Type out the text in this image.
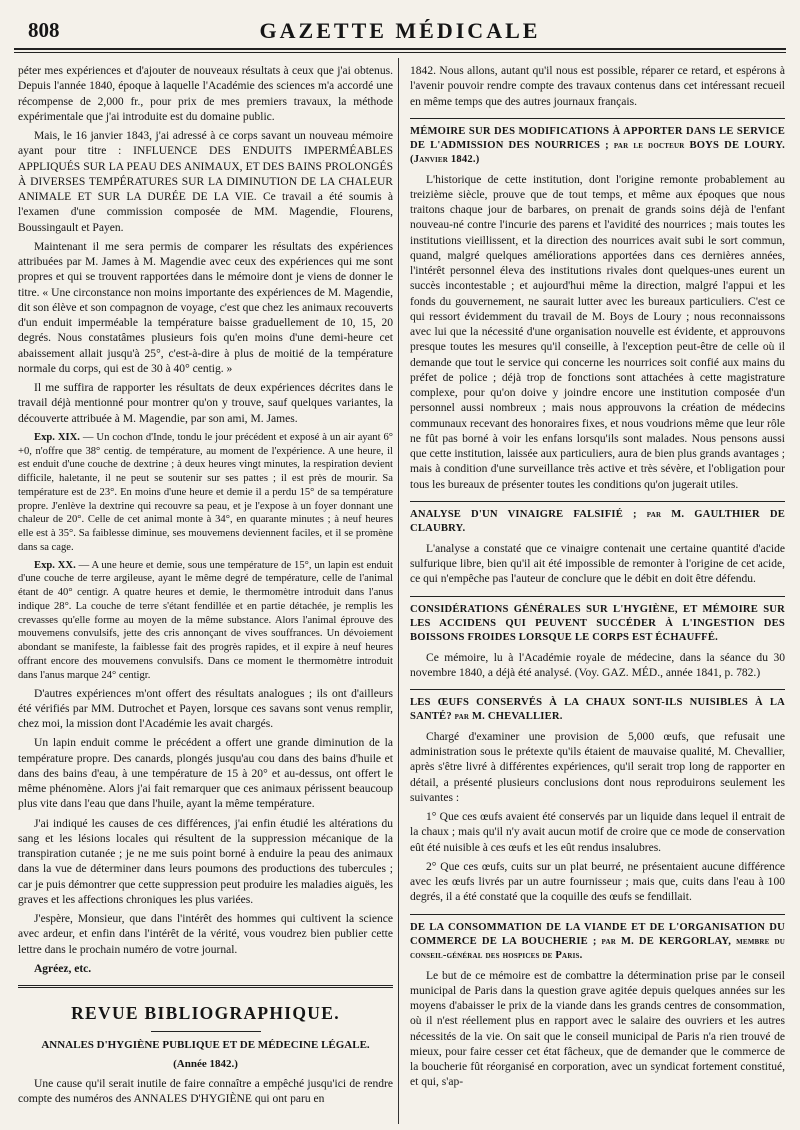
808	GAZETTE MÉDICALE

péter mes expériences et d'ajouter de nouveaux résultats à ceux que j'ai obtenus. Depuis l'année 1840, époque à laquelle l'Académie des sciences m'a accordé une récompense de 2,000 fr., pour prix de mes premiers travaux, la méthode expérimentale que j'ai introduite est du domaine public.

Mais, le 16 janvier 1843, j'ai adressé à ce corps savant un nouveau mémoire ayant pour titre : INFLUENCE DES ENDUITS IMPERMÉABLES APPLIQUÉS SUR LA PEAU DES ANIMAUX, ET DES BAINS PROLONGÉS À DIVERSES TEMPÉRATURES SUR LA DIMINUTION DE LA CHALEUR ANIMALE ET SUR LA DURÉE DE LA VIE. Ce travail a été soumis à l'examen d'une commission composée de MM. Magendie, Flourens, Boussingault et Payen.

Maintenant il me sera permis de comparer les résultats des expériences attribuées par M. James à M. Magendie avec ceux des expériences qui me sont propres et qui se trouvent rapportées dans le mémoire dont je viens de donner le titre. « Une circonstance non moins importante des expériences de M. Magendie, dit son élève et son compagnon de voyage, c'est que chez les animaux recouverts d'un enduit imperméable la température baisse graduellement de 10, 15, 20 degrés. Nous constatâmes plusieurs fois qu'en moins d'une demi-heure cet abaissement allait jusqu'à 25°, c'est-à-dire à plus de moitié de la température normale du corps, qui est de 30 à 40° centig. »

Il me suffira de rapporter les résultats de deux expériences décrites dans le travail déjà mentionné pour montrer qu'on y trouve, sauf quelques variantes, la découverte attribuée à M. Magendie, par son ami, M. James.

Exp. XIX. — Un cochon d'Inde, tondu le jour précédent et exposé à un air ayant 6°+0, n'offre que 38° centig. de température, au moment de l'expérience. A une heure, il est enduit d'une couche de dextrine ; à deux heures vingt minutes, la respiration devient difficile, haletante, il ne peut se soutenir sur ses pattes ; il est près de mourir. Sa température est de 23°. En moins d'une heure et demie il a perdu 15° de sa température propre. J'enlève la dextrine qui recouvre sa peau, et je l'expose à un foyer donnant une chaleur de 20°. Celle de cet animal monte à 34°, en quarante minutes ; à neuf heures elle est à 35°. Sa faiblesse diminue, ses mouvemens deviennent faciles, et il se promène dans sa cage.

Exp. XX. — A une heure et demie, sous une température de 15°, un lapin est enduit d'une couche de terre argileuse, ayant le même degré de température, celle de l'animal étant de 40° centigr. A quatre heures et demie, le thermomètre introduit dans l'anus indique 28°. La couche de terre s'étant fendillée et en partie détachée, je remplis les crevasses qu'elle forme au moyen de la même substance. Alors l'animal éprouve des mouvemens convulsifs, jette des cris annonçant de vives souffrances. Un dévoiement abondant se manifeste, la faiblesse fait des progrès rapides, et il expire à neuf heures offrant encore des mouvemens convulsifs. Dans ce moment le thermomètre introduit dans l'anus marque 24° centigr.

D'autres expériences m'ont offert des résultats analogues ; ils ont d'ailleurs été vérifiés par MM. Dutrochet et Payen, lorsque ces savans sont venus remplir, chez moi, la mission dont l'Académie les avait chargés.

Un lapin enduit comme le précédent a offert une grande diminution de la température propre. Des canards, plongés jusqu'au cou dans des bains d'huile et dans des bains d'eau, à une température de 15 à 20° et au-dessus, ont offert le même phénomène. Alors j'ai fait remarquer que ces animaux périssent beaucoup plus vite dans l'eau que dans l'huile, ayant la même température.

J'ai indiqué les causes de ces différences, j'ai enfin étudié les altérations du sang et les lésions locales qui résultent de la suppression mécanique de la transpiration cutanée ; je ne me suis point borné à enduire la peau des animaux dans la vue de déterminer dans leurs poumons des productions des tubercules ; car je puis démontrer que cette suppression peut produire les maladies aiguës, les graves et les affections chroniques les plus variées.

J'espère, Monsieur, que dans l'intérêt des hommes qui cultivent la science avec ardeur, et enfin dans l'intérêt de la vérité, vous voudrez bien publier cette lettre dans le prochain numéro de votre journal.

Agréez, etc.
REVUE BIBLIOGRAPHIQUE.
ANNALES D'HYGIÈNE PUBLIQUE ET DE MÉDECINE LÉGALE.
(Année 1842.)

Une cause qu'il serait inutile de faire connaître a empêché jusqu'ici de rendre compte des numéros des ANNALES D'HYGIÈNE qui ont paru en

1842. Nous allons, autant qu'il nous est possible, réparer ce retard, et espérons à l'avenir pouvoir rendre compte des travaux contenus dans cet intéressant recueil en même temps que des autres journaux français.

MÉMOIRE SUR DES MODIFICATIONS À APPORTER DANS LE SERVICE DE L'ADMISSION DES NOURRICES ; par le docteur BOYS DE LOURY. (Janvier 1842.)

L'historique de cette institution, dont l'origine remonte probablement au treizième siècle, prouve que de tout temps, et même aux époques que nous traitons chaque jour de barbares, on prenait de grands soins déjà de l'enfant nouveau-né contre l'incurie des parens et l'avidité des nourrices ; mais toutes les institutions vieillissent, et la direction des nourrices avait subi le sort commun, quand, malgré quelques améliorations apportées dans ces dernières années, l'intérêt personnel éleva des institutions rivales dont quelques-unes eurent un succès incontestable ; et aujourd'hui même la direction, malgré l'appui et les fonds du gouvernement, ne saurait lutter avec les bureaux particuliers. C'est ce qui ressort évidemment du travail de M. Boys de Loury ; nous reconnaissons avec lui que la nécessité d'une organisation nouvelle est évidente, et approuvons presque toutes les mesures qu'il conseille, à l'exception peut-être de celle où il demande que tout le service qui concerne les nourrices soit confié aux mains du préfet de police ; déjà trop de fonctions sont attachées à cette magistrature complexe, pour qu'on doive y joindre encore une institution composée d'un personnel aussi nombreux ; mais nous approuvons la création de médecins communaux recevant des honoraires fixes, et nous voudrions même que leur rôle ne fût pas borné à voir les enfans lorsqu'ils sont malades. Nous pensons aussi que cette institution, laissée aux particuliers, aura de bien plus grands avantages ; mais à condition d'une surveillance très active et très sévère, et l'obligation pour tous les bureaux de présenter toutes les conditions qu'on jugerait utiles.

ANALYSE D'UN VINAIGRE FALSIFIÉ ; par M. GAULTHIER DE CLAUBRY.

L'analyse a constaté que ce vinaigre contenait une certaine quantité d'acide sulfurique libre, bien qu'il ait été impossible de remonter à l'origine de cet acide, ce qui n'empêche pas l'auteur de conclure que le débit en doit être défendu.

CONSIDÉRATIONS GÉNÉRALES SUR L'HYGIÈNE, ET MÉMOIRE SUR LES ACCIDENS QUI PEUVENT SUCCÉDER À L'INGESTION DES BOISSONS FROIDES LORSQUE LE CORPS EST ÉCHAUFFÉ.

Ce mémoire, lu à l'Académie royale de médecine, dans la séance du 30 novembre 1840, a déjà été analysé. (Voy. GAZ. MÉD., année 1841, p. 782.)

LES ŒUFS CONSERVÉS À LA CHAUX SONT-ILS NUISIBLES À LA SANTÉ? par M. CHEVALLIER.

Chargé d'examiner une provision de 5,000 œufs, que refusait une administration sous le prétexte qu'ils étaient de mauvaise qualité, M. Chevallier, après s'être livré à différentes expériences, qu'il serait trop long de rapporter en détail, a présenté plusieurs conclusions dont nous reproduirons seulement les suivantes :

1° Que ces œufs avaient été conservés par un liquide dans lequel il entrait de la chaux ; mais qu'il n'y avait aucun motif de croire que ce mode de conservation eût été nuisible à ces œufs et les eût rendus insalubres.

2° Que ces œufs, cuits sur un plat beurré, ne présentaient aucune différence avec les œufs livrés par un autre fournisseur ; mais que, cuits dans l'eau à 100 degrés, il a été constaté que la coquille des œufs se fendillait.

DE LA CONSOMMATION DE LA VIANDE ET DE L'ORGANISATION DU COMMERCE DE LA BOUCHERIE ; par M. DE KERGORLAY, membre du conseil-général des hospices de Paris.

Le but de ce mémoire est de combattre la détermination prise par le conseil municipal de Paris dans la question grave agitée depuis quelques années sur les moyens d'abaisser le prix de la viande dans les grands centres de consommation, où il n'est réellement plus en rapport avec le salaire des ouvriers et les autres nécessités de la vie. On sait que le conseil municipal de Paris n'a rien trouvé de mieux, pour faire cesser cet état fâcheux, que de demander que le commerce de la boucherie fût réorganisé en corporation, avec un syndicat fortement constitué, et qui, s'ap-
